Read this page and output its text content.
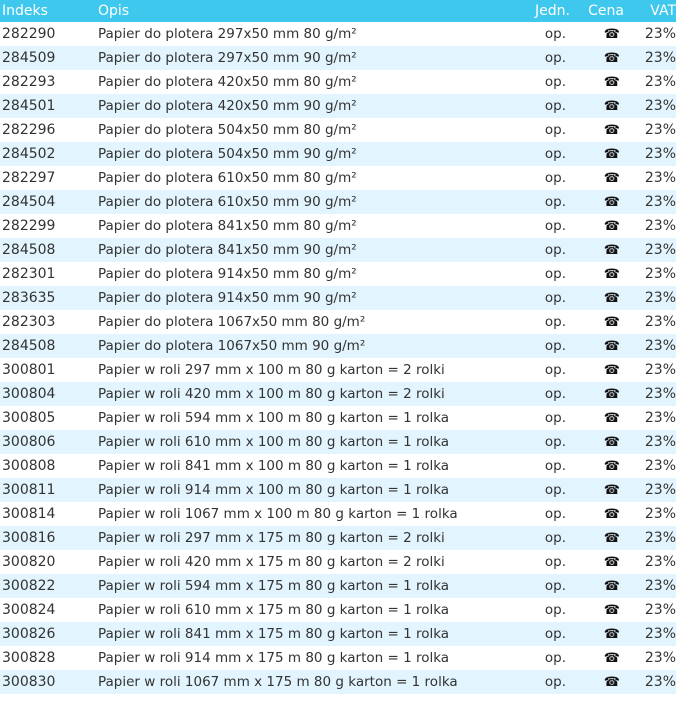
Indeks	Opis	Jedn.	Cena	VAT
282290	Papier do plotera 297x50 mm 80 g/m²	op.	☎	23%
284509	Papier do plotera 297x50 mm 90 g/m²	op.	☎	23%
282293	Papier do plotera 420x50 mm 80 g/m²	op.	☎	23%
284501	Papier do plotera 420x50 mm 90 g/m²	op.	☎	23%
282296	Papier do plotera 504x50 mm 80 g/m²	op.	☎	23%
284502	Papier do plotera 504x50 mm 90 g/m²	op.	☎	23%
282297	Papier do plotera 610x50 mm 80 g/m²	op.	☎	23%
284504	Papier do plotera 610x50 mm 90 g/m²	op.	☎	23%
282299	Papier do plotera 841x50 mm 80 g/m²	op.	☎	23%
284508	Papier do plotera 841x50 mm 90 g/m²	op.	☎	23%
282301	Papier do plotera 914x50 mm 80 g/m²	op.	☎	23%
283635	Papier do plotera 914x50 mm 90 g/m²	op.	☎	23%
282303	Papier do plotera 1067x50 mm 80 g/m²	op.	☎	23%
284508	Papier do plotera 1067x50 mm 90 g/m²	op.	☎	23%
300801	Papier w roli 297 mm x 100 m 80 g karton = 2 rolki	op.	☎	23%
300804	Papier w roli 420 mm x 100 m 80 g karton = 2 rolki	op.	☎	23%
300805	Papier w roli 594 mm x 100 m 80 g karton = 1 rolka	op.	☎	23%
300806	Papier w roli 610 mm x 100 m 80 g karton = 1 rolka	op.	☎	23%
300808	Papier w roli 841 mm x 100 m 80 g karton = 1 rolka	op.	☎	23%
300811	Papier w roli 914 mm x 100 m 80 g karton = 1 rolka	op.	☎	23%
300814	Papier w roli 1067 mm x 100 m 80 g karton = 1 rolka	op.	☎	23%
300816	Papier w roli 297 mm x 175 m 80 g karton = 2 rolki	op.	☎	23%
300820	Papier w roli 420 mm x 175 m 80 g karton = 2 rolki	op.	☎	23%
300822	Papier w roli 594 mm x 175 m 80 g karton = 1 rolka	op.	☎	23%
300824	Papier w roli 610 mm x 175 m 80 g karton = 1 rolka	op.	☎	23%
300826	Papier w roli 841 mm x 175 m 80 g karton = 1 rolka	op.	☎	23%
300828	Papier w roli 914 mm x 175 m 80 g karton = 1 rolka	op.	☎	23%
300830	Papier w roli 1067 mm x 175 m 80 g karton = 1 rolka	op.	☎	23%
